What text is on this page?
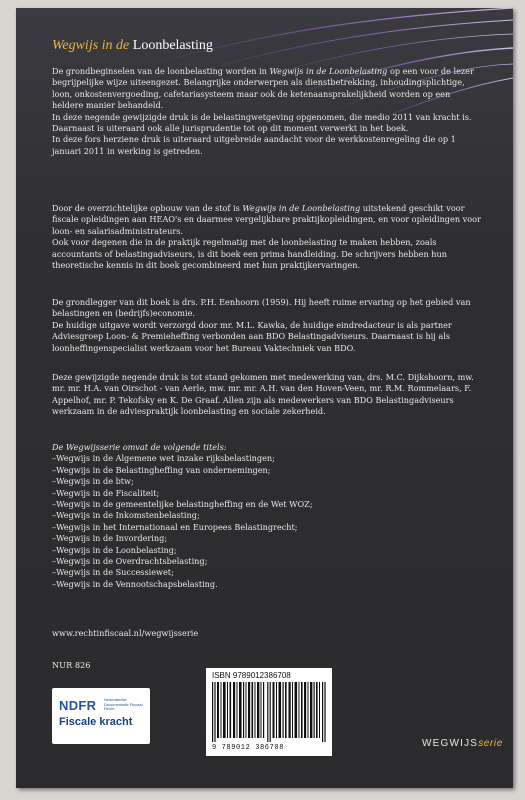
Wegwijs in de Loonbelasting

De grondbeginselen van de loonbelasting worden in Wegwijs in de Loonbelasting op een voor de lezer begrijpelijke wijze uiteengezet. Belangrijke onderwerpen als dienstbetrekking, inhoudingsplichtige, loon, onkostenvergoeding, cafetariasysteem maar ook de ketenaansprakelijkheid worden op een heldere manier behandeld.

In deze negende gewijzigde druk is de belastingwetgeving opgenomen, die medio 2011 van kracht is. Daarnaast is uiteraard ook alle jurisprudentie tot op dit moment verwerkt in het boek.

In deze fors herziene druk is uiteraard uitgebreide aandacht voor de werkkostenregeling die op 1 januari 2011 in werking is getreden.

Door de overzichtelijke opbouw van de stof is Wegwijs in de Loonbelasting uitstekend geschikt voor fiscale opleidingen aan HEAO's en daarmee vergelijkbare praktijkopleidingen, en voor opleidingen voor loon- en salarisadministrateurs.

Ook voor degenen die in de praktijk regelmatig met de loonbelasting te maken hebben, zoals accountants of belastingadviseurs, is dit boek een prima handleiding. De schrijvers hebben hun theoretische kennis in dit boek gecombineerd met hun praktijkervaringen.

De grondlegger van dit boek is drs. P.H. Eenhoorn (1959). Hij heeft ruime ervaring op het gebied van belastingen en (bedrijfs)economie.

De huidige uitgave wordt verzorgd door mr. M.L. Kawka, de huidige eindredacteur is als partner Adviesgroep Loon- & Premieheffing verbonden aan BDO Belastingadviseurs. Daarnaast is hij als loonheffingenspecialist werkzaam voor het Bureau Vaktechniek van BDO.

Deze gewijzigde negende druk is tot stand gekomen met medewerking van, drs. M.C. Dijkshoorn, mw. mr. mr. H.A. van Oirschot - van Aerle, mw. mr. mr. A.H. van den Hoven-Veen, mr. R.M. Rommelaars, F. Appelhof, mr. P. Tekofsky en K. De Graaf. Allen zijn als medewerkers van BDO Belastingadviseurs werkzaam in de adviespraktijk loonbelasting en sociale zekerheid.

De Wegwijsserie omvat de volgende titels:

– Wegwijs in de Algemene wet inzake rijksbelastingen;
– Wegwijs in de Belastingheffing van ondernemingen;
– Wegwijs in de btw;
– Wegwijs in de Fiscaliteit;
– Wegwijs in de gemeentelijke belastingheffing en de Wet WOZ;
– Wegwijs in de Inkomstenbelasting;
– Wegwijs in het Internationaal en Europees Belastingrecht;
– Wegwijs in de Invordering;
– Wegwijs in de Loonbelasting;
– Wegwijs in de Overdrachtsbelasting;
– Wegwijs in de Successiewet;
– Wegwijs in de Vennootschapsbelasting.
www.rechtinfiscaal.nl/wegwijsserie
NUR 826
NDFR Nederlandse Documentatie Fiscaal Recht
Fiscale kracht
ISBN 9789012386708
9 789012 386708	WEGWIJSserie
